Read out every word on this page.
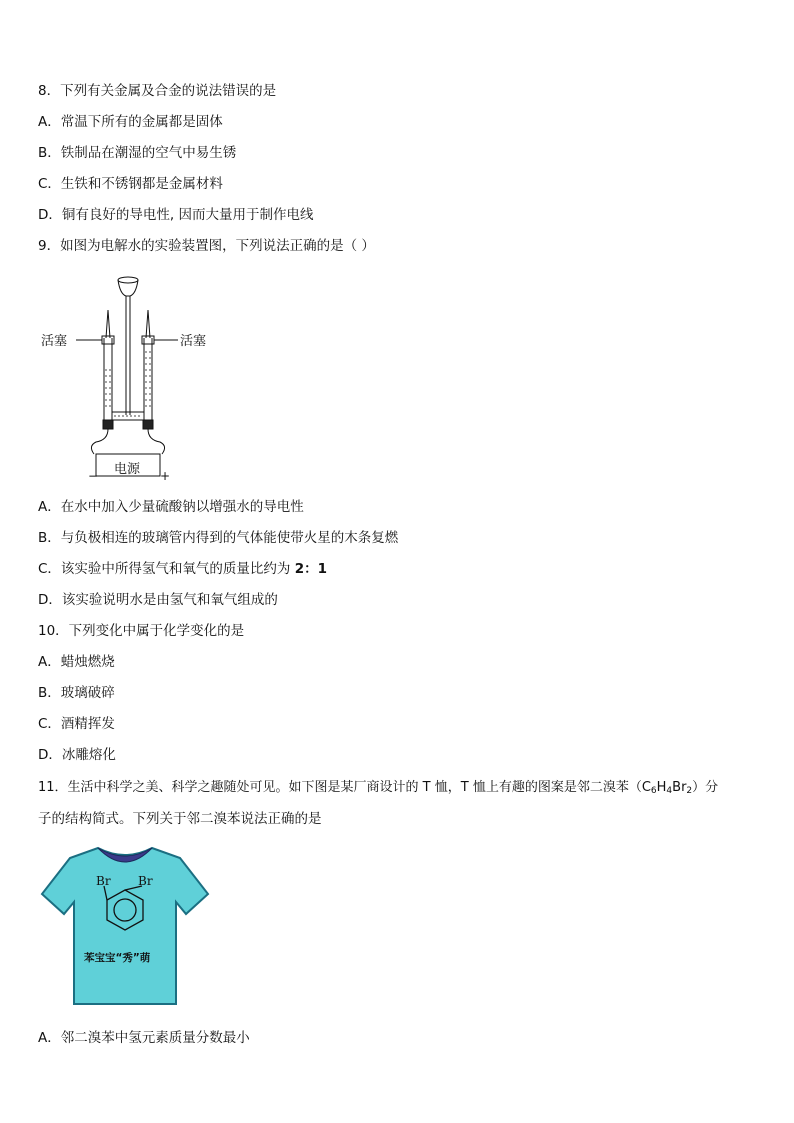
8．下列有关金属及合金的说法错误的是
A．常温下所有的金属都是固体
B．铁制品在潮湿的空气中易生锈
C．生铁和不锈钢都是金属材料
D．铜有良好的导电性, 因而大量用于制作电线
9．如图为电解水的实验装置图，下列说法正确的是（ ）
活塞	活塞
电源
−	+
A．在水中加入少量硫酸钠以增强水的导电性
B．与负极相连的玻璃管内得到的气体能使带火星的木条复燃
C．该实验中所得氢气和氧气的质量比约为 2：1
D．该实验说明水是由氢气和氧气组成的
10．下列变化中属于化学变化的是
A．蜡烛燃烧
B．玻璃破碎
C．酒精挥发
D．冰雕熔化
11．生活中科学之美、科学之趣随处可见。如下图是某厂商设计的 T 恤，T 恤上有趣的图案是邻二溴苯$(C_6H_4Br_2)$分
子的结构简式。下列关于邻二溴苯说法正确的是
Br Br
苯宝宝“秀”萌
A．邻二溴苯中氢元素质量分数最小
